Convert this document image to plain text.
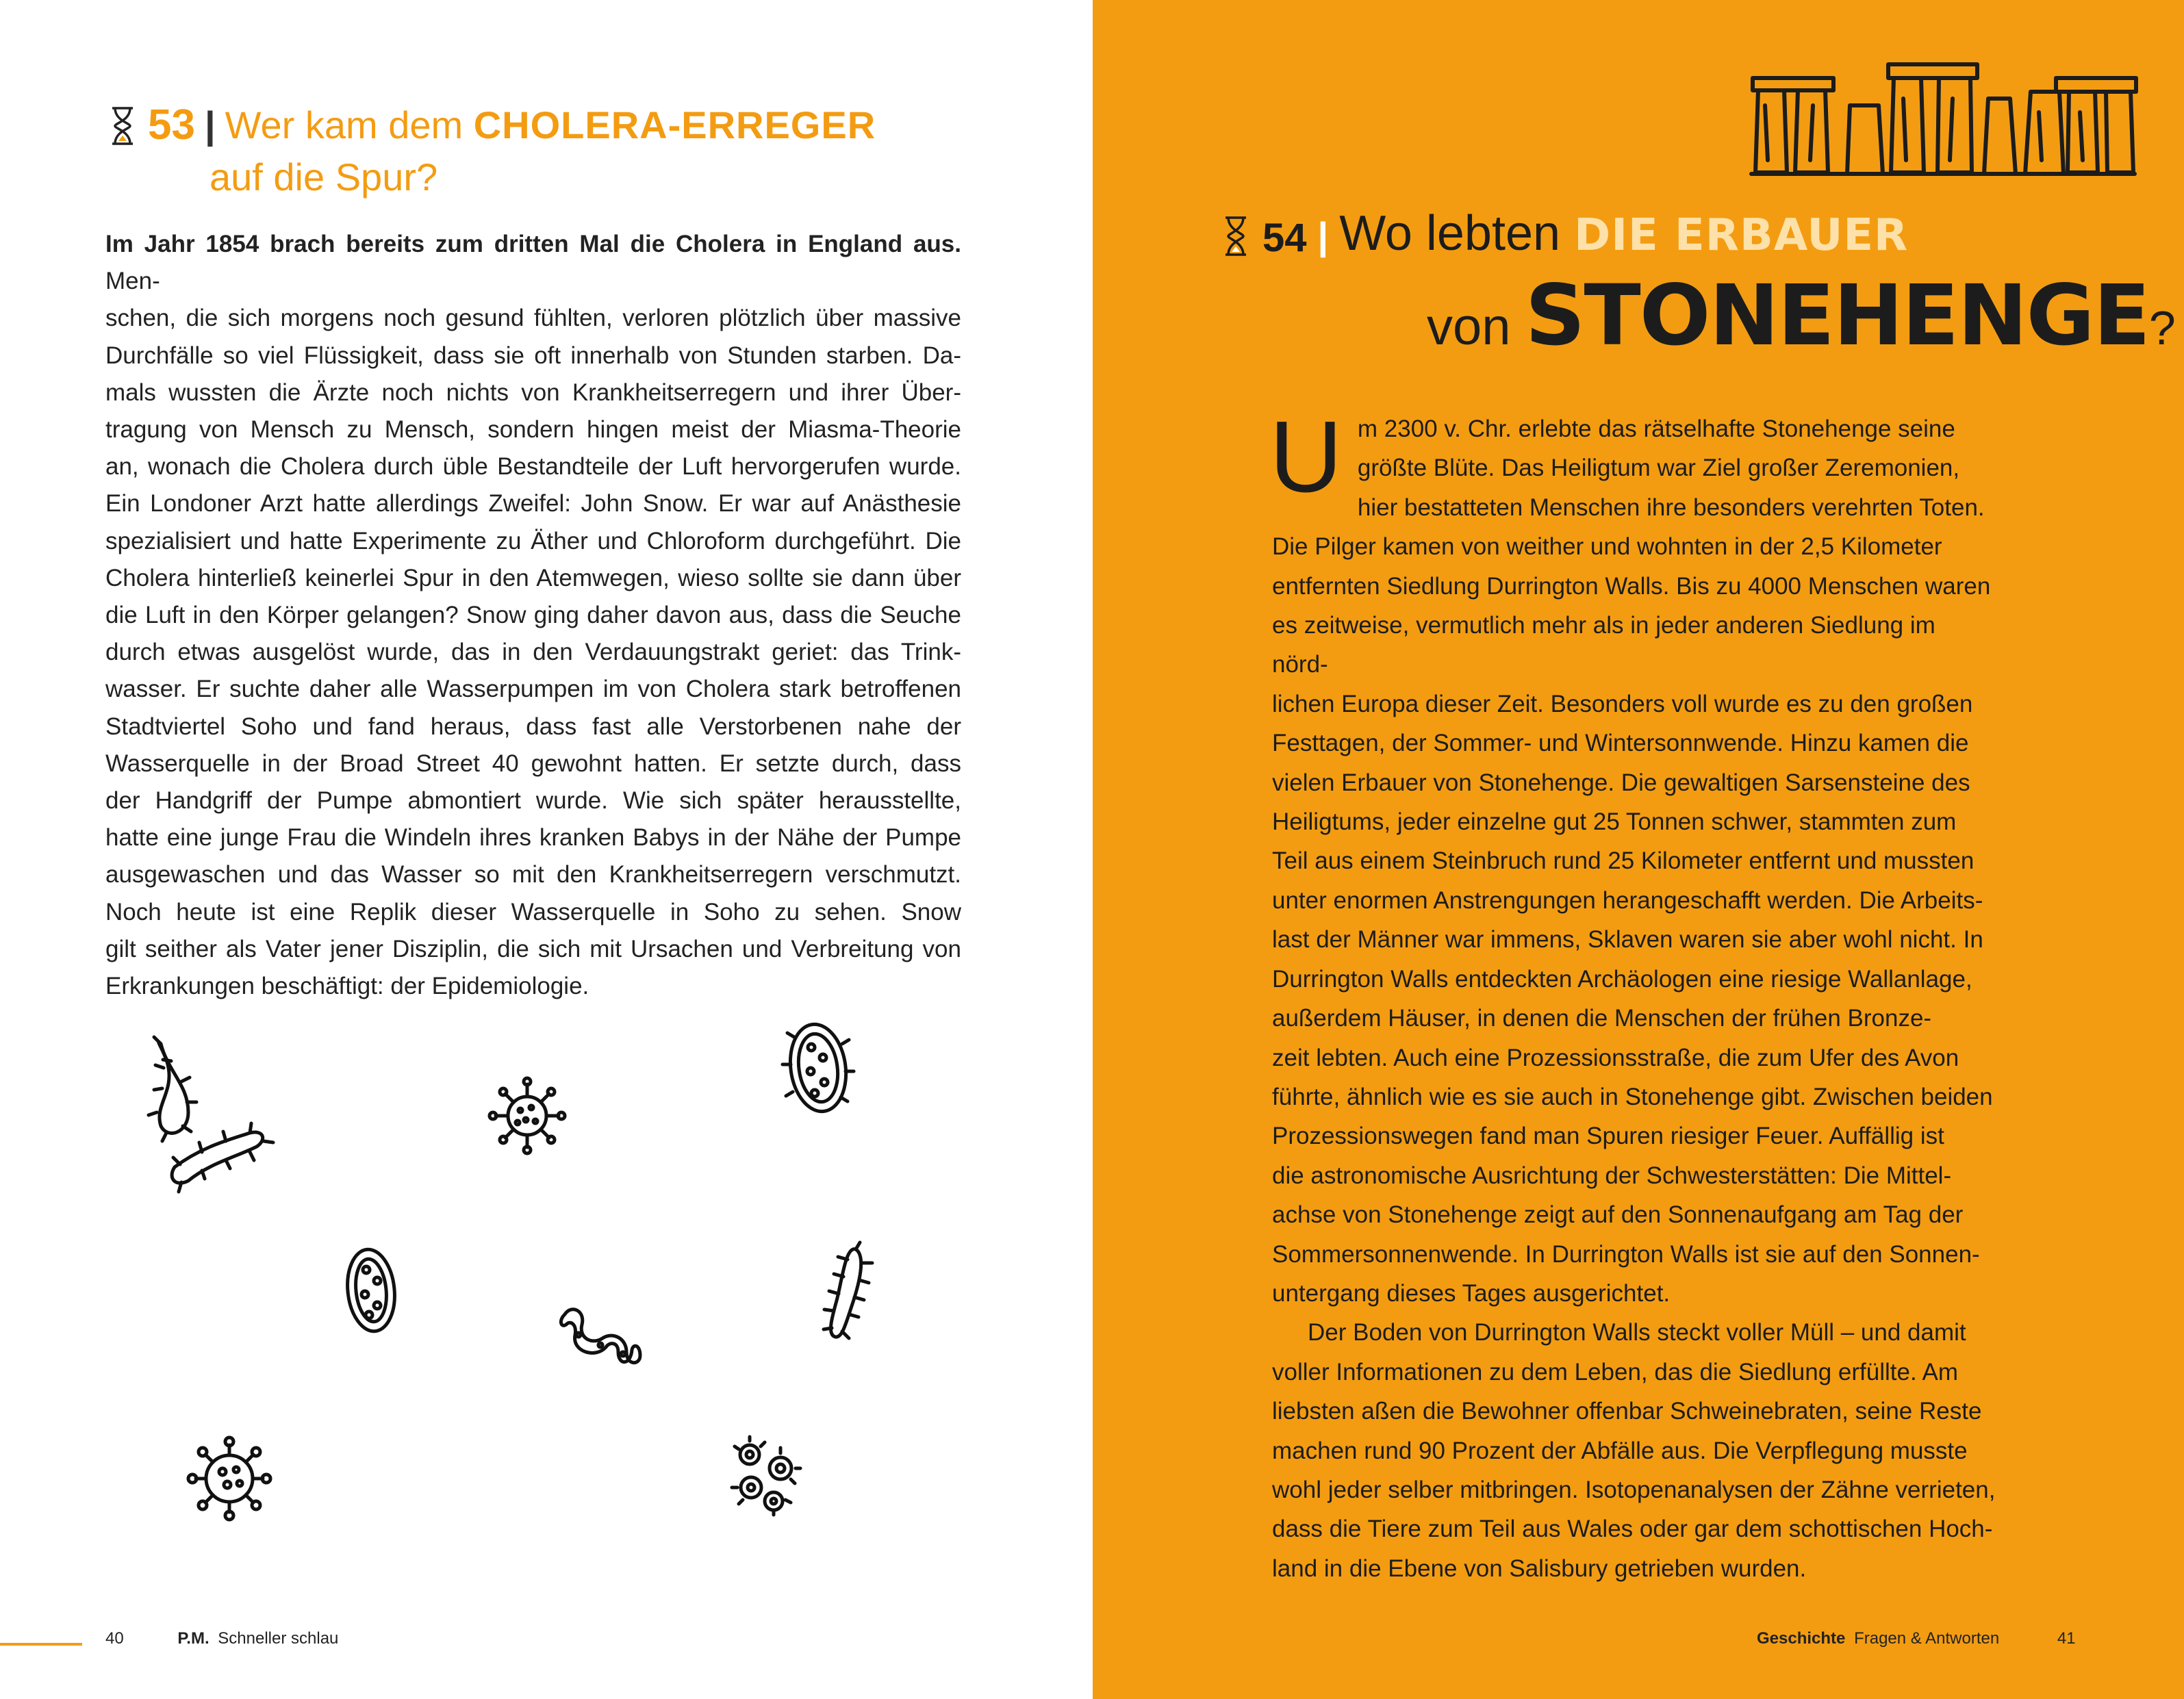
53 | Wer kam dem CHOLERA-ERREGER
auf die Spur?
Im Jahr 1854 brach bereits zum dritten Mal die Cholera in England aus. Men-
schen, die sich morgens noch gesund fühlten, verloren plötzlich über massive
Durchfälle so viel Flüssigkeit, dass sie oft innerhalb von Stunden starben. Da-
mals wussten die Ärzte noch nichts von Krankheitserregern und ihrer Über-
tragung von Mensch zu Mensch, sondern hingen meist der Miasma-Theorie
an, wonach die Cholera durch üble Bestandteile der Luft hervorgerufen wurde.
Ein Londoner Arzt hatte allerdings Zweifel: John Snow. Er war auf Anästhesie
spezialisiert und hatte Experimente zu Äther und Chloroform durchgeführt. Die
Cholera hinterließ keinerlei Spur in den Atemwegen, wieso sollte sie dann über
die Luft in den Körper gelangen? Snow ging daher davon aus, dass die Seuche
durch etwas ausgelöst wurde, das in den Verdauungstrakt geriet: das Trink-
wasser. Er suchte daher alle Wasserpumpen im von Cholera stark betroffenen
Stadtviertel Soho und fand heraus, dass fast alle Verstorbenen nahe der
Wasserquelle in der Broad Street 40 gewohnt hatten. Er setzte durch, dass
der Handgriff der Pumpe abmontiert wurde. Wie sich später herausstellte,
hatte eine junge Frau die Windeln ihres kranken Babys in der Nähe der Pumpe
ausgewaschen und das Wasser so mit den Krankheitserregern verschmutzt.
Noch heute ist eine Replik dieser Wasserquelle in Soho zu sehen. Snow
gilt seither als Vater jener Disziplin, die sich mit Ursachen und Verbreitung von
Erkrankungen beschäftigt: der Epidemiologie.
40	P.M. Schneller schlau
54 | Wo lebten DIE ERBAUER
von STONEHENGE?
U m 2300 v. Chr. erlebte das rätselhafte Stonehenge seine
größte Blüte. Das Heiligtum war Ziel großer Zeremonien,
hier bestatteten Menschen ihre besonders verehrten Toten.
Die Pilger kamen von weither und wohnten in der 2,5 Kilometer
entfernten Siedlung Durrington Walls. Bis zu 4000 Menschen waren
es zeitweise, vermutlich mehr als in jeder anderen Siedlung im nörd-
lichen Europa dieser Zeit. Besonders voll wurde es zu den großen
Festtagen, der Sommer- und Wintersonnwende. Hinzu kamen die
vielen Erbauer von Stonehenge. Die gewaltigen Sarsensteine des
Heiligtums, jeder einzelne gut 25 Tonnen schwer, stammten zum
Teil aus einem Steinbruch rund 25 Kilometer entfernt und mussten
unter enormen Anstrengungen herangeschafft werden. Die Arbeits-
last der Männer war immens, Sklaven waren sie aber wohl nicht. In
Durrington Walls entdeckten Archäologen eine riesige Wallanlage,
außerdem Häuser, in denen die Menschen der frühen Bronze-
zeit lebten. Auch eine Prozessionsstraße, die zum Ufer des Avon
führte, ähnlich wie es sie auch in Stonehenge gibt. Zwischen beiden
Prozessionswegen fand man Spuren riesiger Feuer. Auffällig ist
die astronomische Ausrichtung der Schwesterstätten: Die Mittel-
achse von Stonehenge zeigt auf den Sonnenaufgang am Tag der
Sommersonnenwende. In Durrington Walls ist sie auf den Sonnen-
untergang dieses Tages ausgerichtet.
Der Boden von Durrington Walls steckt voller Müll – und damit
voller Informationen zu dem Leben, das die Siedlung erfüllte. Am
liebsten aßen die Bewohner offenbar Schweinebraten, seine Reste
machen rund 90 Prozent der Abfälle aus. Die Verpflegung musste
wohl jeder selber mitbringen. Isotopenanalysen der Zähne verrieten,
dass die Tiere zum Teil aus Wales oder gar dem schottischen Hoch-
land in die Ebene von Salisbury getrieben wurden.
Geschichte Fragen & Antworten	41
